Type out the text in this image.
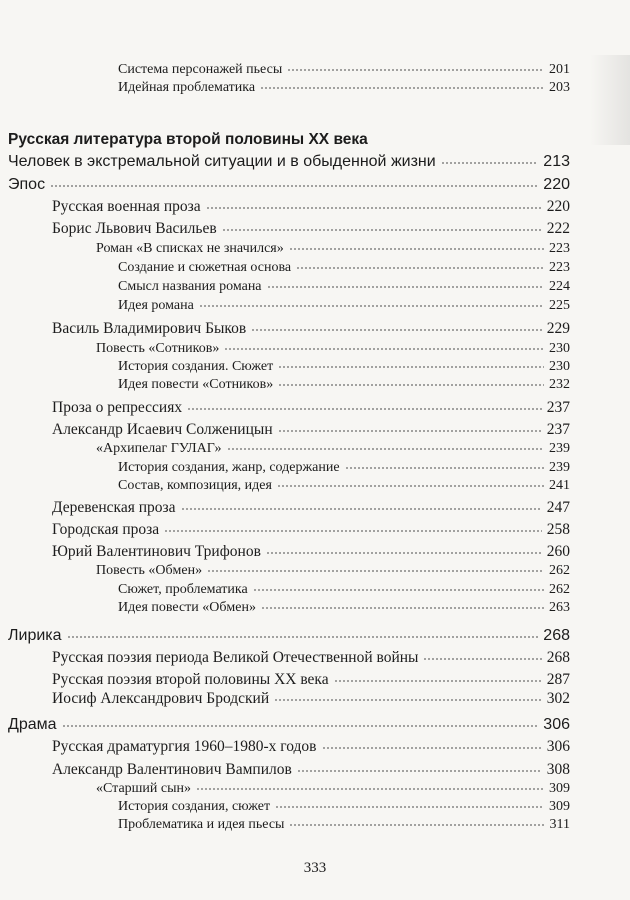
Система персонажей пьесы	201
Идейная проблематика	203
Русская литература второй половины XX века
Человек в экстремальной ситуации и в обыденной жизни	213
Эпос	220
Русская военная проза	220
Борис Львович Васильев	222
Роман «В списках не значился»	223
Создание и сюжетная основа	223
Смысл названия романа	224
Идея романа	225
Василь Владимирович Быков	229
Повесть «Сотников»	230
История создания. Сюжет	230
Идея повести «Сотников»	232
Проза о репрессиях	237
Александр Исаевич Солженицын	237
«Архипелаг ГУЛАГ»	239
История создания, жанр, содержание	239
Состав, композиция, идея	241
Деревенская проза	247
Городская проза	258
Юрий Валентинович Трифонов	260
Повесть «Обмен»	262
Сюжет, проблематика	262
Идея повести «Обмен»	263
Лирика	268
Русская поэзия периода Великой Отечественной войны	268
Русская поэзия второй половины XX века	287
Иосиф Александрович Бродский	302
Драма	306
Русская драматургия 1960–1980-х годов	306
Александр Валентинович Вампилов	308
«Старший сын»	309
История создания, сюжет	309
Проблематика и идея пьесы	311
333
